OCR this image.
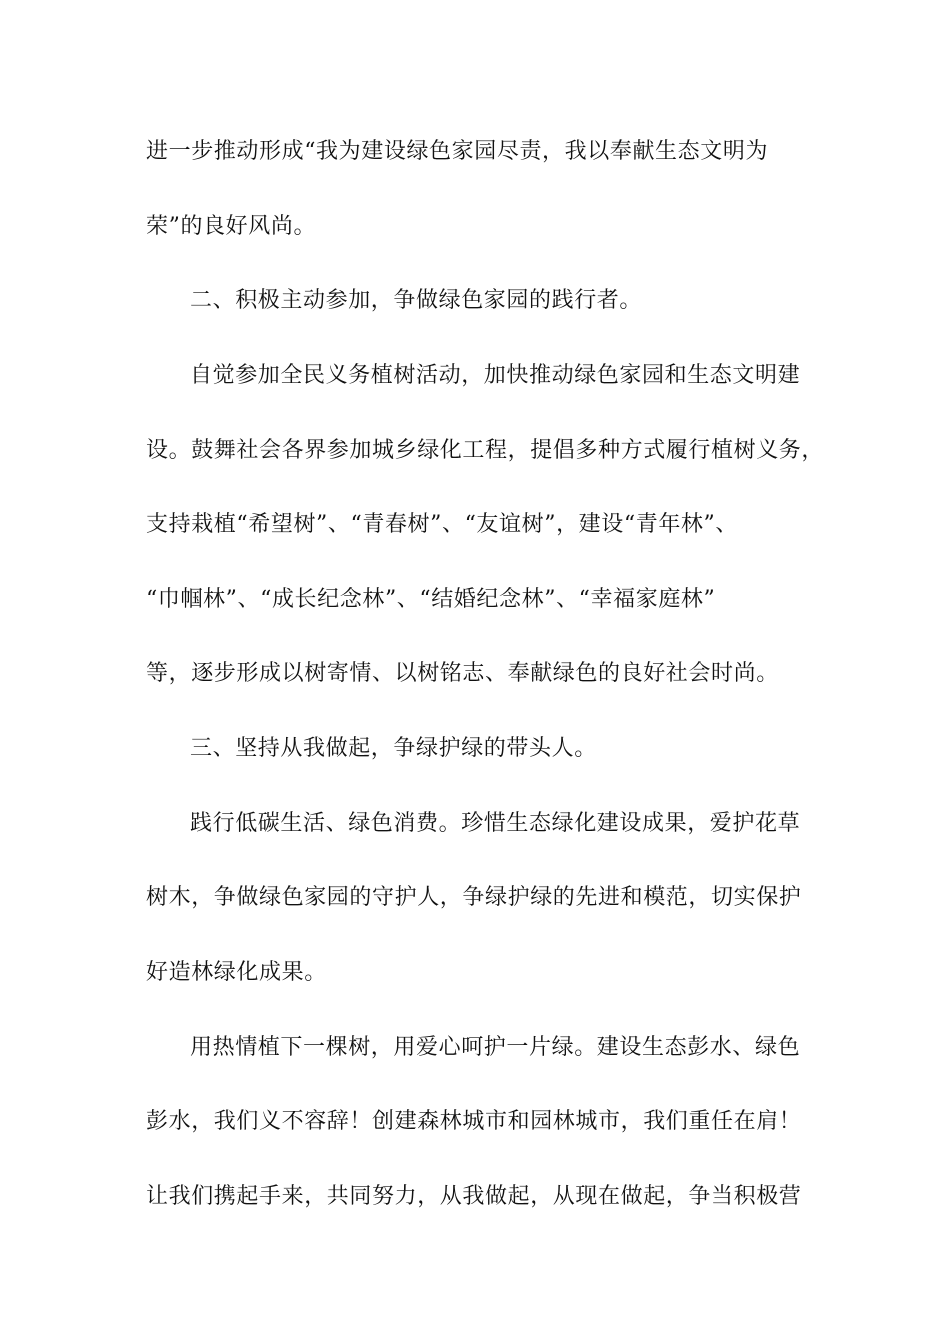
进一步推动形成“我为建设绿色家园尽责，我以奉献生态文明为
荣”的良好风尚。
二、积极主动参加，争做绿色家园的践行者。
自觉参加全民义务植树活动，加快推动绿色家园和生态文明建
设。鼓舞社会各界参加城乡绿化工程，提倡多种方式履行植树义务，
支持栽植“希望树”、“青春树”、“友谊树”，建设“青年林”、
“巾帼林”、“成长纪念林”、“结婚纪念林”、“幸福家庭林”
等，逐步形成以树寄情、以树铭志、奉献绿色的良好社会时尚。
三、坚持从我做起，争绿护绿的带头人。
践行低碳生活、绿色消费。珍惜生态绿化建设成果，爱护花草
树木，争做绿色家园的守护人，争绿护绿的先进和模范，切实保护
好造林绿化成果。
用热情植下一棵树，用爱心呵护一片绿。建设生态彭水、绿色
彭水，我们义不容辞！创建森林城市和园林城市，我们重任在肩！
让我们携起手来，共同努力，从我做起，从现在做起，争当积极营
